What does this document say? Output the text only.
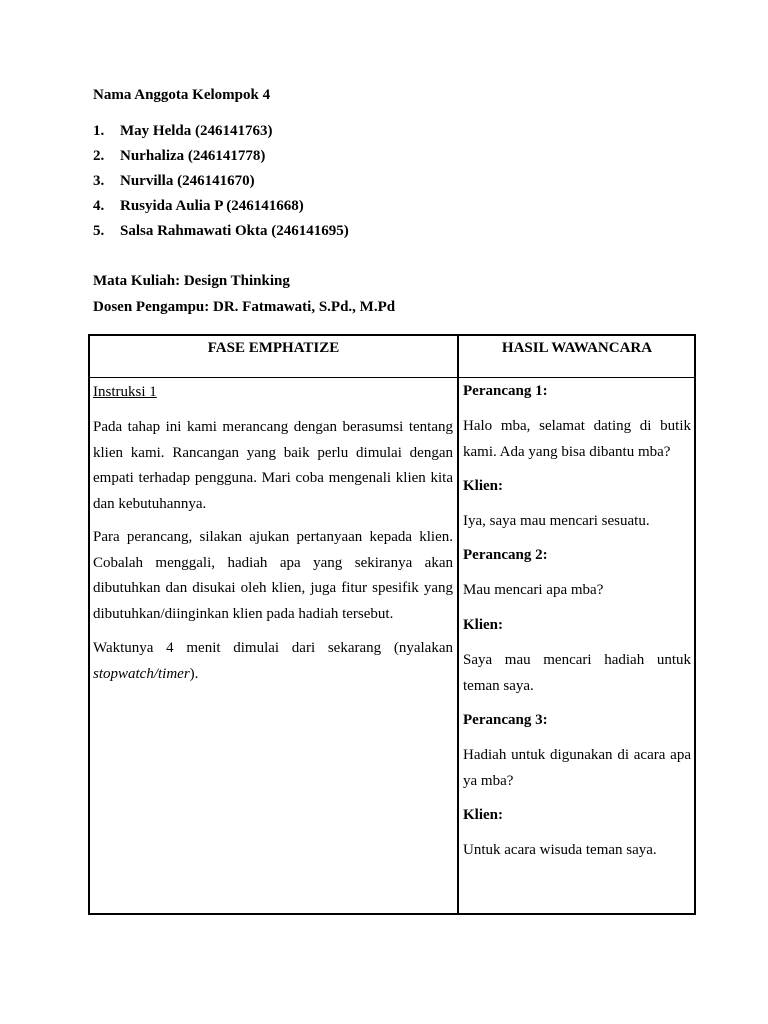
Nama Anggota Kelompok 4
1.	May Helda (246141763)
2.	Nurhaliza (246141778)
3.	Nurvilla (246141670)
4.	Rusyida Aulia P (246141668)
5.	Salsa Rahmawati Okta (246141695)
Mata Kuliah: Design Thinking
Dosen Pengampu: DR. Fatmawati, S.Pd., M.Pd
FASE EMPHATIZE	HASIL WAWANCARA
Instruksi 1
Pada tahap ini kami merancang dengan berasumsi tentang klien kami. Rancangan yang baik perlu dimulai dengan empati terhadap pengguna. Mari coba mengenali klien kita dan kebutuhannya.
Para perancang, silakan ajukan pertanyaan kepada klien. Cobalah menggali, hadiah apa yang sekiranya akan dibutuhkan dan disukai oleh klien, juga fitur spesifik yang dibutuhkan/diinginkan klien pada hadiah tersebut.
Waktunya 4 menit dimulai dari sekarang (nyalakan stopwatch/timer).
Perancang 1:
Halo mba, selamat dating di butik kami. Ada yang bisa dibantu mba?
Klien:
Iya, saya mau mencari sesuatu.
Perancang 2:
Mau mencari apa mba?
Klien:
Saya mau mencari hadiah untuk teman saya.
Perancang 3:
Hadiah untuk digunakan di acara apa ya mba?
Klien:
Untuk acara wisuda teman saya.
